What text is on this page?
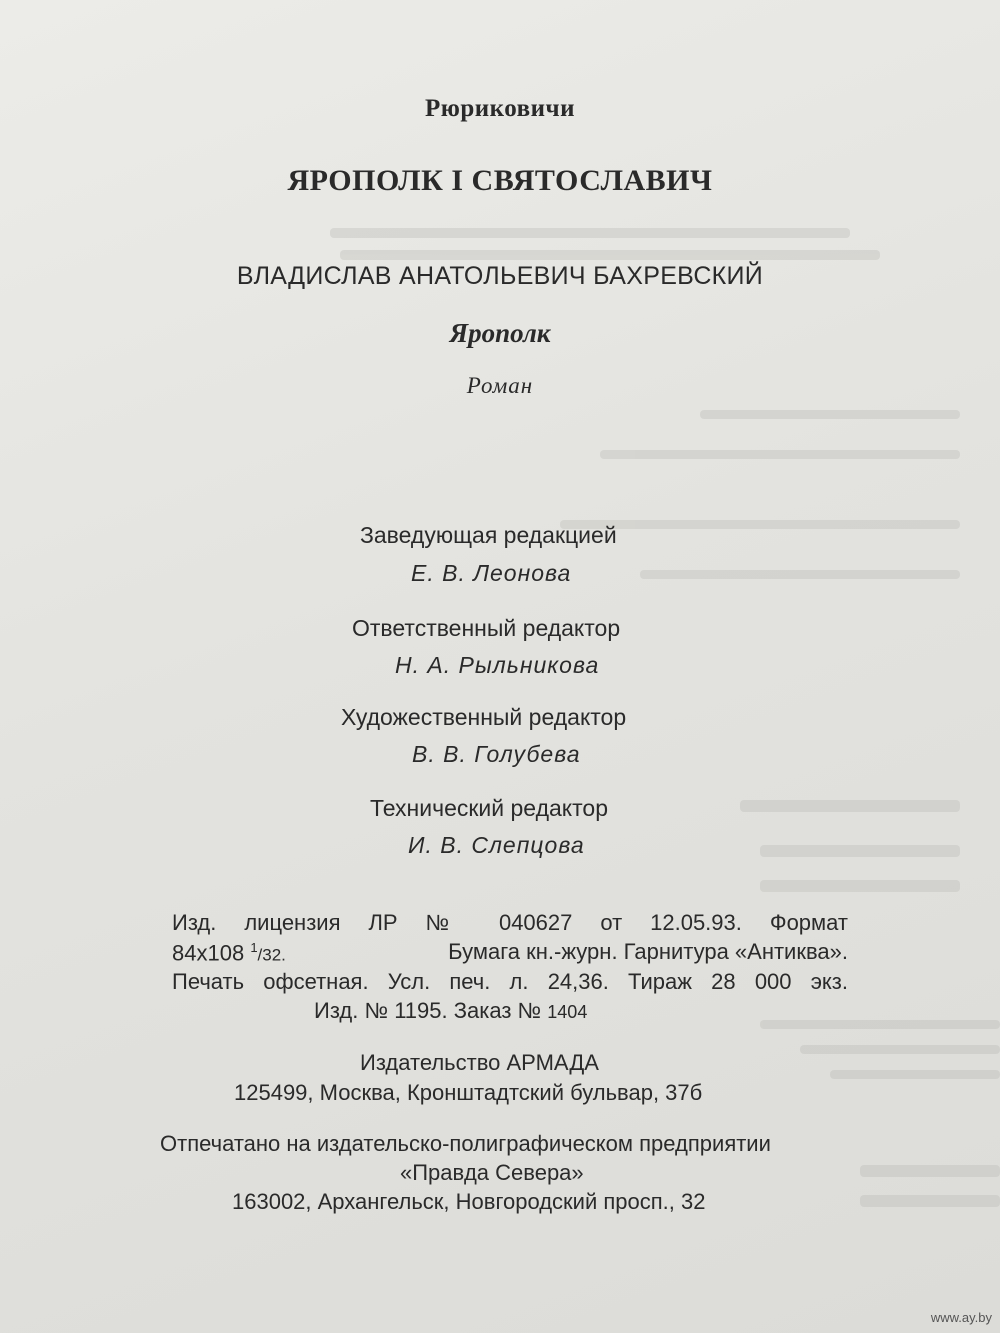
Рюриковичи
ЯРОПОЛК I СВЯТОСЛАВИЧ
ВЛАДИСЛАВ АНАТОЛЬЕВИЧ БАХРЕВСКИЙ
Ярополк
Роман
Заведующая редакцией
Е. В. Леонова
Ответственный редактор
Н. А. Рыльникова
Художественный редактор
В. В. Голубева
Технический редактор
И. В. Слепцова
Изд. лицензия ЛР № 040627 от 12.05.93. Формат
84х108 $^1$/32.	Бумага кн.-журн. Гарнитура «Антиква».
Печать офсетная. Усл. печ. л. 24,36. Тираж 28 000 экз.
Изд. № 1195. Заказ № 1404
Издательство АРМАДА
125499, Москва, Кронштадтский бульвар, 37б
Отпечатано на издательско-полиграфическом предприятии
«Правда Севера»
163002, Архангельск, Новгородский просп., 32
www.ay.by
